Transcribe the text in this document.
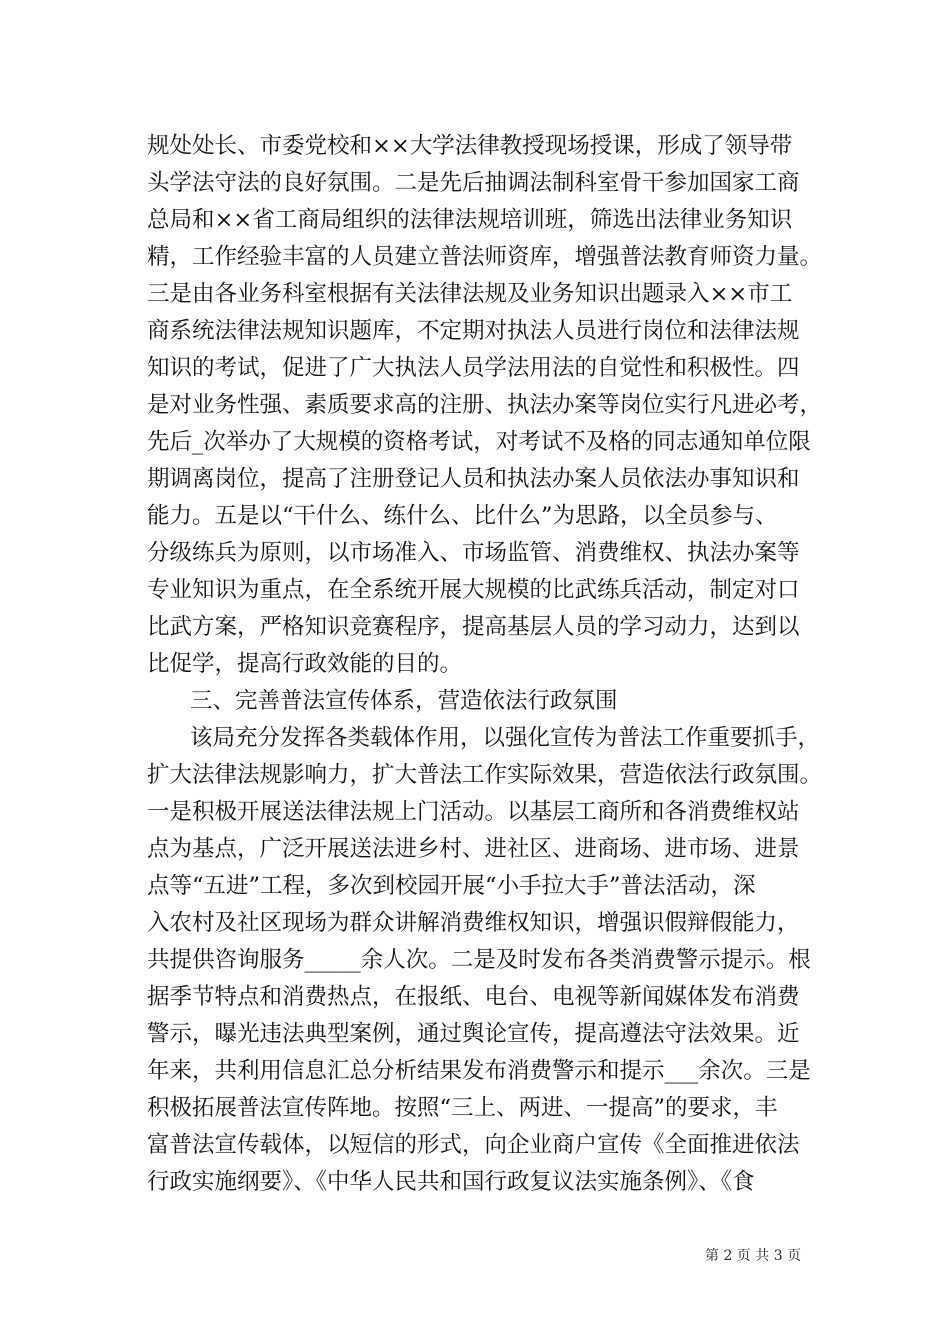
规处处长、市委党校和××大学法律教授现场授课，形成了领导带
头学法守法的良好氛围。二是先后抽调法制科室骨干参加国家工商
总局和××省工商局组织的法律法规培训班，筛选出法律业务知识
精，工作经验丰富的人员建立普法师资库，增强普法教育师资力量。
三是由各业务科室根据有关法律法规及业务知识出题录入××市工
商系统法律法规知识题库，不定期对执法人员进行岗位和法律法规
知识的考试，促进了广大执法人员学法用法的自觉性和积极性。四
是对业务性强、素质要求高的注册、执法办案等岗位实行凡进必考，
先后_次举办了大规模的资格考试，对考试不及格的同志通知单位限
期调离岗位，提高了注册登记人员和执法办案人员依法办事知识和
能力。五是以“干什么、练什么、比什么”为思路，以全员参与、
分级练兵为原则，以市场准入、市场监管、消费维权、执法办案等
专业知识为重点，在全系统开展大规模的比武练兵活动，制定对口
比武方案，严格知识竞赛程序，提高基层人员的学习动力，达到以
比促学，提高行政效能的目的。
三、完善普法宣传体系，营造依法行政氛围
该局充分发挥各类载体作用，以强化宣传为普法工作重要抓手，
扩大法律法规影响力，扩大普法工作实际效果，营造依法行政氛围。
一是积极开展送法律法规上门活动。以基层工商所和各消费维权站
点为基点，广泛开展送法进乡村、进社区、进商场、进市场、进景
点等“五进”工程，多次到校园开展“小手拉大手”普法活动，深
入农村及社区现场为群众讲解消费维权知识，增强识假辩假能力，
共提供咨询服务_____余人次。二是及时发布各类消费警示提示。根
据季节特点和消费热点，在报纸、电台、电视等新闻媒体发布消费
警示，曝光违法典型案例，通过舆论宣传，提高遵法守法效果。近
年来，共利用信息汇总分析结果发布消费警示和提示___余次。三是
积极拓展普法宣传阵地。按照“三上、两进、一提高”的要求，丰
富普法宣传载体，以短信的形式，向企业商户宣传《全面推进依法
行政实施纲要》、《中华人民共和国行政复议法实施条例》、《食
第 2 页 共 3 页
